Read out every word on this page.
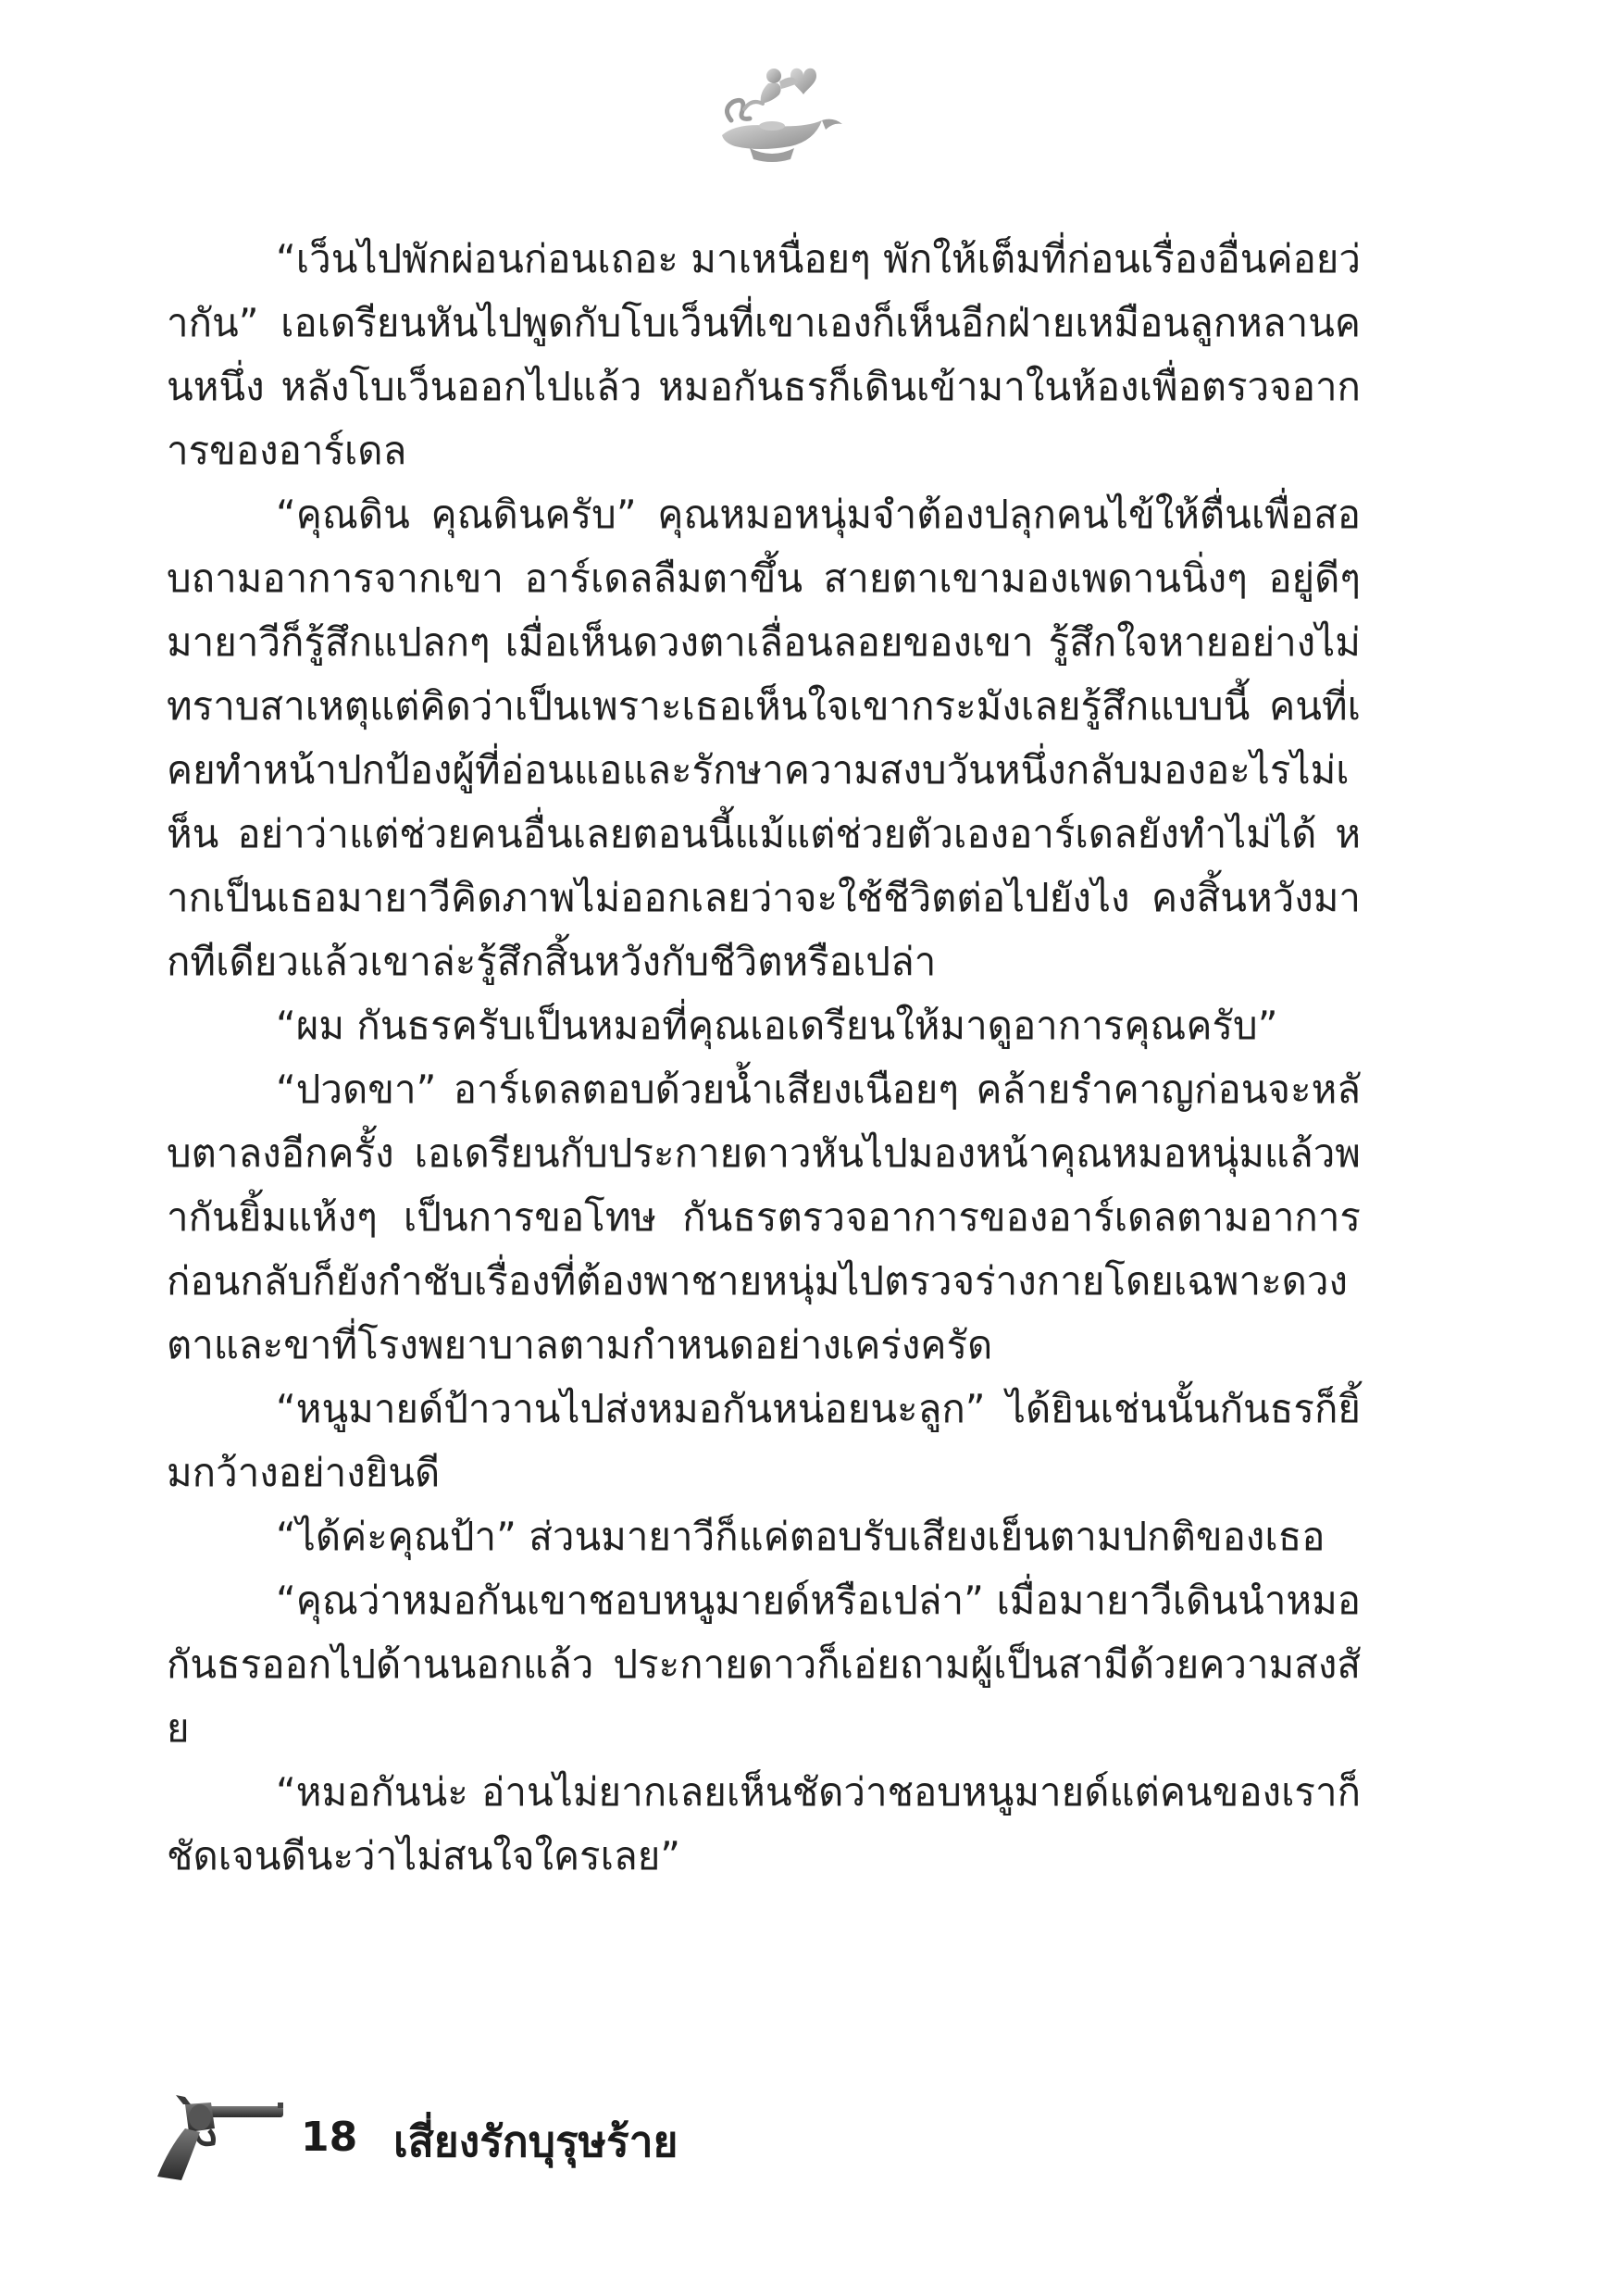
“เว็นไปพักผ่อนก่อนเถอะ มาเหนื่อยๆ พักให้เต็มที่ก่อนเรื่องอื่นค่อยว่ากัน” เอเดรียนหันไปพูดกับโบเว็นที่เขาเองก็เห็นอีกฝ่ายเหมือนลูกหลานคนหนึ่ง หลังโบเว็นออกไปแล้ว หมอกันธรก็เดินเข้ามาในห้องเพื่อตรวจอาการของอาร์เดล

“คุณดิน คุณดินครับ” คุณหมอหนุ่มจำต้องปลุกคนไข้ให้ตื่นเพื่อสอบถามอาการจากเขา อาร์เดลลืมตาขึ้น สายตาเขามองเพดานนิ่งๆ อยู่ดีๆ มายาวีก็รู้สึกแปลกๆ เมื่อเห็นดวงตาเลื่อนลอยของเขา รู้สึกใจหายอย่างไม่ทราบสาเหตุแต่คิดว่าเป็นเพราะเธอเห็นใจเขากระมังเลยรู้สึกแบบนี้ คนที่เคยทำหน้าปกป้องผู้ที่อ่อนแอและรักษาความสงบวันหนึ่งกลับมองอะไรไม่เห็น อย่าว่าแต่ช่วยคนอื่นเลยตอนนี้แม้แต่ช่วยตัวเองอาร์เดลยังทำไม่ได้ หากเป็นเธอมายาวีคิดภาพไม่ออกเลยว่าจะใช้ชีวิตต่อไปยังไง คงสิ้นหวังมากทีเดียวแล้วเขาล่ะรู้สึกสิ้นหวังกับชีวิตหรือเปล่า

“ผม กันธรครับเป็นหมอที่คุณเอเดรียนให้มาดูอาการคุณครับ”

“ปวดขา” อาร์เดลตอบด้วยน้ำเสียงเนือยๆ คล้ายรำคาญก่อนจะหลับตาลงอีกครั้ง เอเดรียนกับประกายดาวหันไปมองหน้าคุณหมอหนุ่มแล้วพากันยิ้มแห้งๆ เป็นการขอโทษ กันธรตรวจอาการของอาร์เดลตามอาการ ก่อนกลับก็ยังกำชับเรื่องที่ต้องพาชายหนุ่มไปตรวจร่างกายโดยเฉพาะดวงตาและขาที่โรงพยาบาลตามกำหนดอย่างเคร่งครัด

“หนูมายด์ป้าวานไปส่งหมอกันหน่อยนะลูก” ได้ยินเช่นนั้นกันธรก็ยิ้มกว้างอย่างยินดี

“ได้ค่ะคุณป้า” ส่วนมายาวีก็แค่ตอบรับเสียงเย็นตามปกติของเธอ

“คุณว่าหมอกันเขาชอบหนูมายด์หรือเปล่า” เมื่อมายาวีเดินนำหมอกันธรออกไปด้านนอกแล้ว ประกายดาวก็เอ่ยถามผู้เป็นสามีด้วยความสงสัย

“หมอกันน่ะ อ่านไม่ยากเลยเห็นชัดว่าชอบหนูมายด์แต่คนของเราก็ชัดเจนดีนะว่าไม่สนใจใครเลย”

18 เสี่ยงรักบุรุษร้าย
